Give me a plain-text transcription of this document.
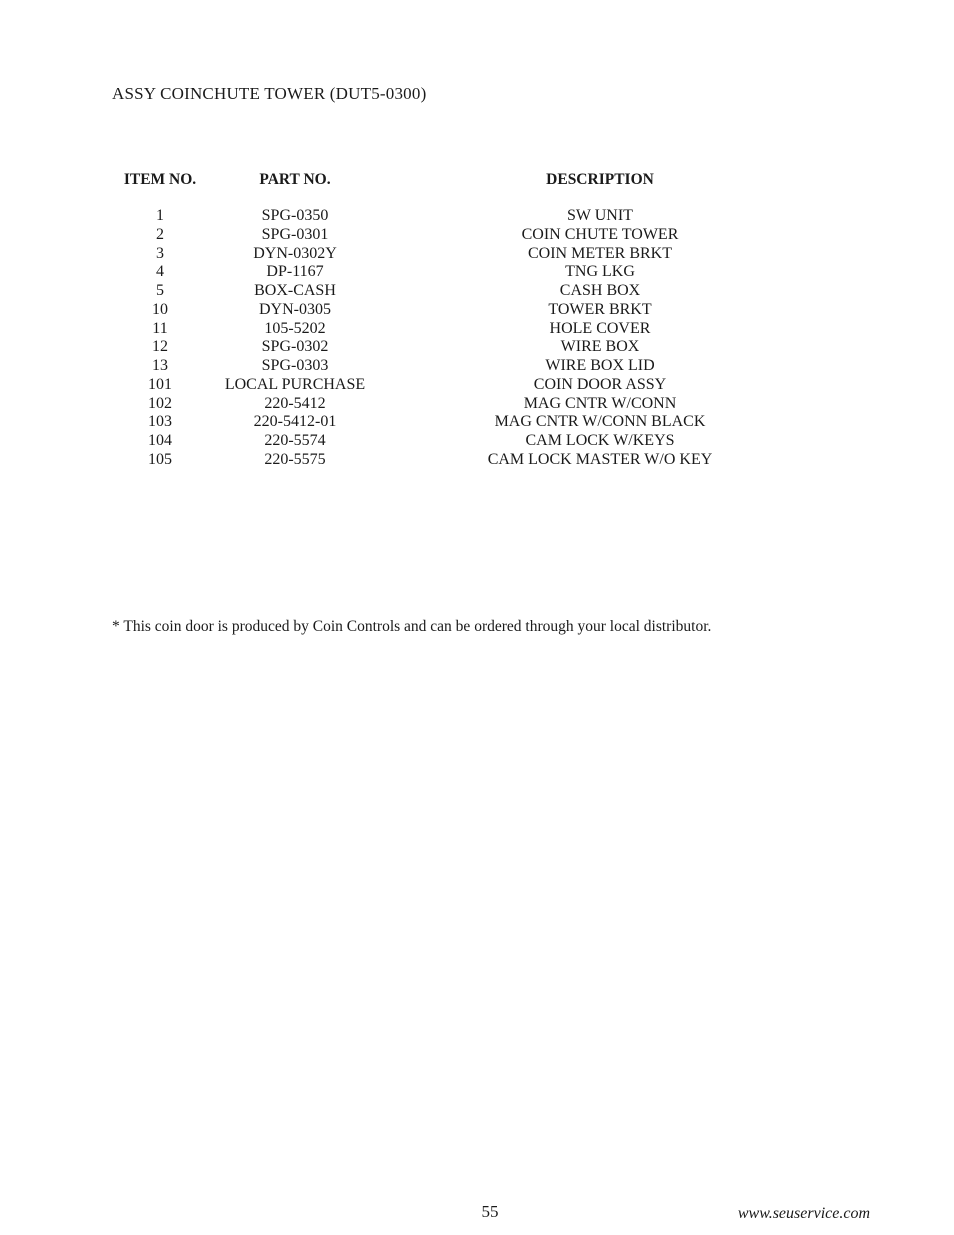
ASSY COINCHUTE TOWER (DUT5-0300)
ITEM NO.	PART NO.	DESCRIPTION
1	SPG-0350	SW UNIT
2	SPG-0301	COIN CHUTE TOWER
3	DYN-0302Y	COIN METER BRKT
4	DP-1167	TNG LKG
5	BOX-CASH	CASH BOX
10	DYN-0305	TOWER BRKT
11	105-5202	HOLE COVER
12	SPG-0302	WIRE BOX
13	SPG-0303	WIRE BOX LID
101	LOCAL PURCHASE	COIN DOOR ASSY
102	220-5412	MAG CNTR W/CONN
103	220-5412-01	MAG CNTR W/CONN BLACK
104	220-5574	CAM LOCK W/KEYS
105	220-5575	CAM LOCK MASTER W/O KEY
* This coin door is produced by Coin Controls and can be ordered through your local distributor.
55	www.seuservice.com
